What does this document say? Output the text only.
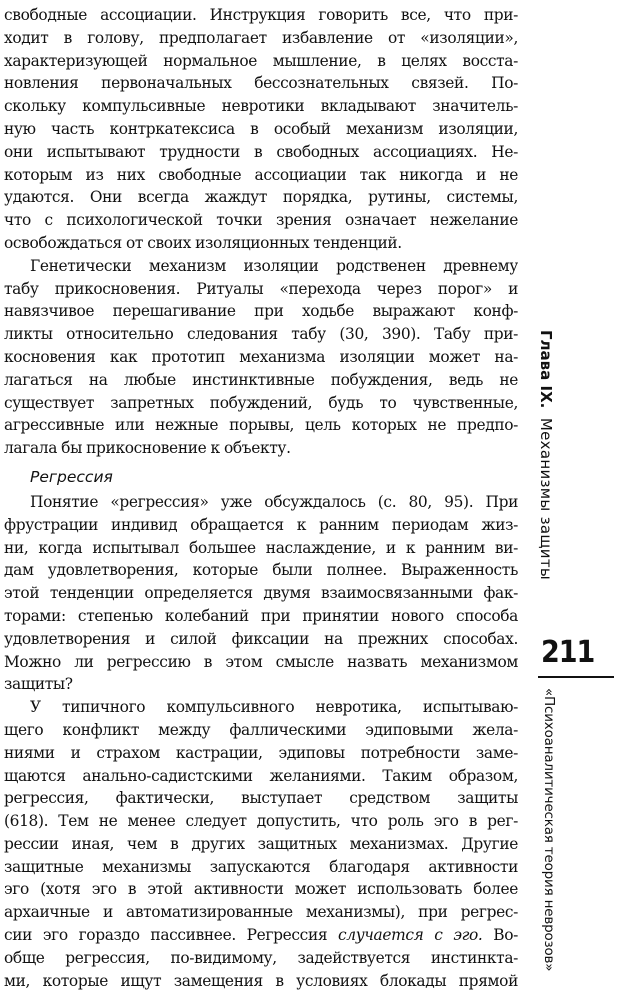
свободные ассоциации. Инструкция говорить все, что при-
ходит в голову, предполагает избавление от «изоляции»,
характеризующей нормальное мышление, в целях восста-
новления первоначальных бессознательных связей. По-
скольку компульсивные невротики вкладывают значитель-
ную часть контркатексиса в особый механизм изоляции,
они испытывают трудности в свободных ассоциациях. Не-
которым из них свободные ассоциации так никогда и не
удаются. Они всегда жаждут порядка, рутины, системы,
что с психологической точки зрения означает нежелание
освобождаться от своих изоляционных тенденций.
Генетически механизм изоляции родственен древнему
табу прикосновения. Ритуалы «перехода через порог» и
навязчивое перешагивание при ходьбе выражают конф-
ликты относительно следования табу (30, 390). Табу при-
косновения как прототип механизма изоляции может на-
лагаться на любые инстинктивные побуждения, ведь не
существует запретных побуждений, будь то чувственные,
агрессивные или нежные порывы, цель которых не предпо-
лагала бы прикосновение к объекту.
Регрессия
Понятие «регрессия» уже обсуждалось (с. 80, 95). При
фрустрации индивид обращается к ранним периодам жиз-
ни, когда испытывал большее наслаждение, и к ранним ви-
дам удовлетворения, которые были полнее. Выраженность
этой тенденции определяется двумя взаимосвязанными фак-
торами: степенью колебаний при принятии нового способа
удовлетворения и силой фиксации на прежних способах.
Можно ли регрессию в этом смысле назвать механизмом
защиты?
У типичного компульсивного невротика, испытываю-
щего конфликт между фаллическими эдиповыми жела-
ниями и страхом кастрации, эдиповы потребности заме-
щаются анально-садистскими желаниями. Таким образом,
регрессия, фактически, выступает средством защиты
(618). Тем не менее следует допустить, что роль эго в рег-
рессии иная, чем в других защитных механизмах. Другие
защитные механизмы запускаются благодаря активности
эго (хотя эго в этой активности может использовать более
архаичные и автоматизированные механизмы), при регрес-
сии эго гораздо пассивнее. Регрессия случается с эго. Во-
обще регрессия, по-видимому, задействуется инстинкта-
ми, которые ищут замещения в условиях блокады прямой
Глава IX.  Механизмы защиты
211
«Психоаналитическая теория неврозов»
